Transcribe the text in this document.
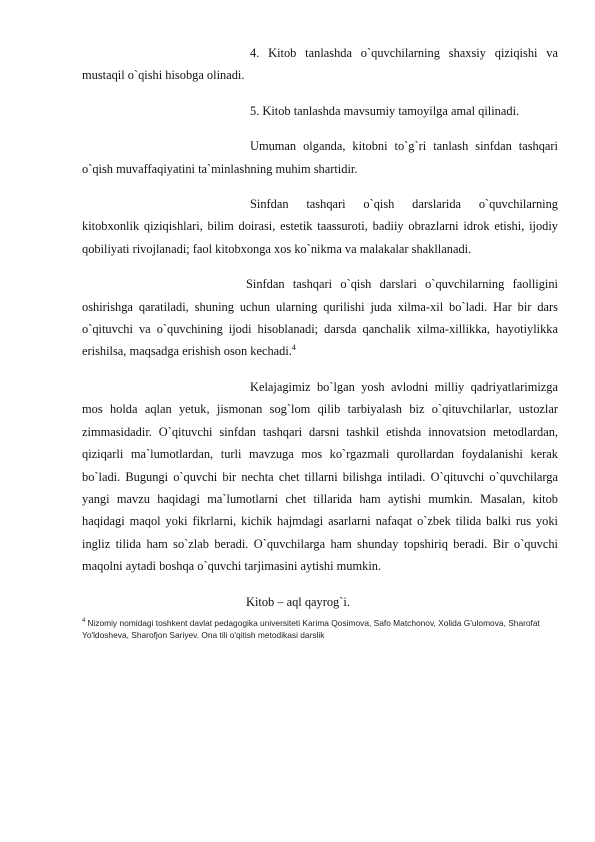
4. Kitob tanlashda o`quvchilarning shaxsiy qiziqishi va mustaqil o`qishi hisobga olinadi.

5. Kitob tanlashda mavsumiy tamoyilga amal qilinadi.

Umuman olganda, kitobni to`g`ri tanlash sinfdan tashqari o`qish muvaffaqiyatini ta`minlashning muhim shartidir.

Sinfdan tashqari o`qish darslarida o`quvchilarning kitobxonlik qiziqishlari, bilim doirasi, estetik taassuroti, badiiy obrazlarni idrok etishi, ijodiy qobiliyati rivojlanadi; faol kitobxonga xos ko`nikma va malakalar shakllanadi.

Sinfdan tashqari o`qish darslari o`quvchilarning faolligini oshirishga qaratiladi, shuning uchun ularning qurilishi juda xilma-xil bo`ladi. Har bir dars o`qituvchi va o`quvchining ijodi hisoblanadi; darsda qanchalik xilma-xillikka, hayotiylikka erishilsa, maqsadga erishish oson kechadi.$^4$

Kelajagimiz bo`lgan yosh avlodni milliy qadriyatlarimizga mos holda aqlan yetuk, jismonan sog`lom qilib tarbiyalash biz o`qituvchilarlar, ustozlar zimmasidadir. O`qituvchi sinfdan tashqari darsni tashkil etishda innovatsion metodlardan, qiziqarli ma`lumotlardan, turli mavzuga mos ko`rgazmali qurollardan foydalanishi kerak bo`ladi. Bugungi o`quvchi bir nechta chet tillarni bilishga intiladi. O`qituvchi o`quvchilarga yangi mavzu haqidagi ma`lumotlarni chet tillarida ham aytishi mumkin. Masalan, kitob haqidagi maqol yoki fikrlarni, kichik hajmdagi asarlarni nafaqat o`zbek tilida balki rus yoki ingliz tilida ham so`zlab beradi. O`quvchilarga ham shunday topshiriq beradi. Bir o`quvchi maqolni aytadi boshqa o`quvchi tarjimasini aytishi mumkin.

Kitob – aql qayrog`i.

$^4$ Nizomiy nomidagi toshkent davlat pedagogika universiteti Karima Qosimova, Safo Matchonov, Xolida G'ulomova, Sharofat Yo'ldosheva, Sharofjon Sariyev. Ona tili o'qitish metodikasi darslik
